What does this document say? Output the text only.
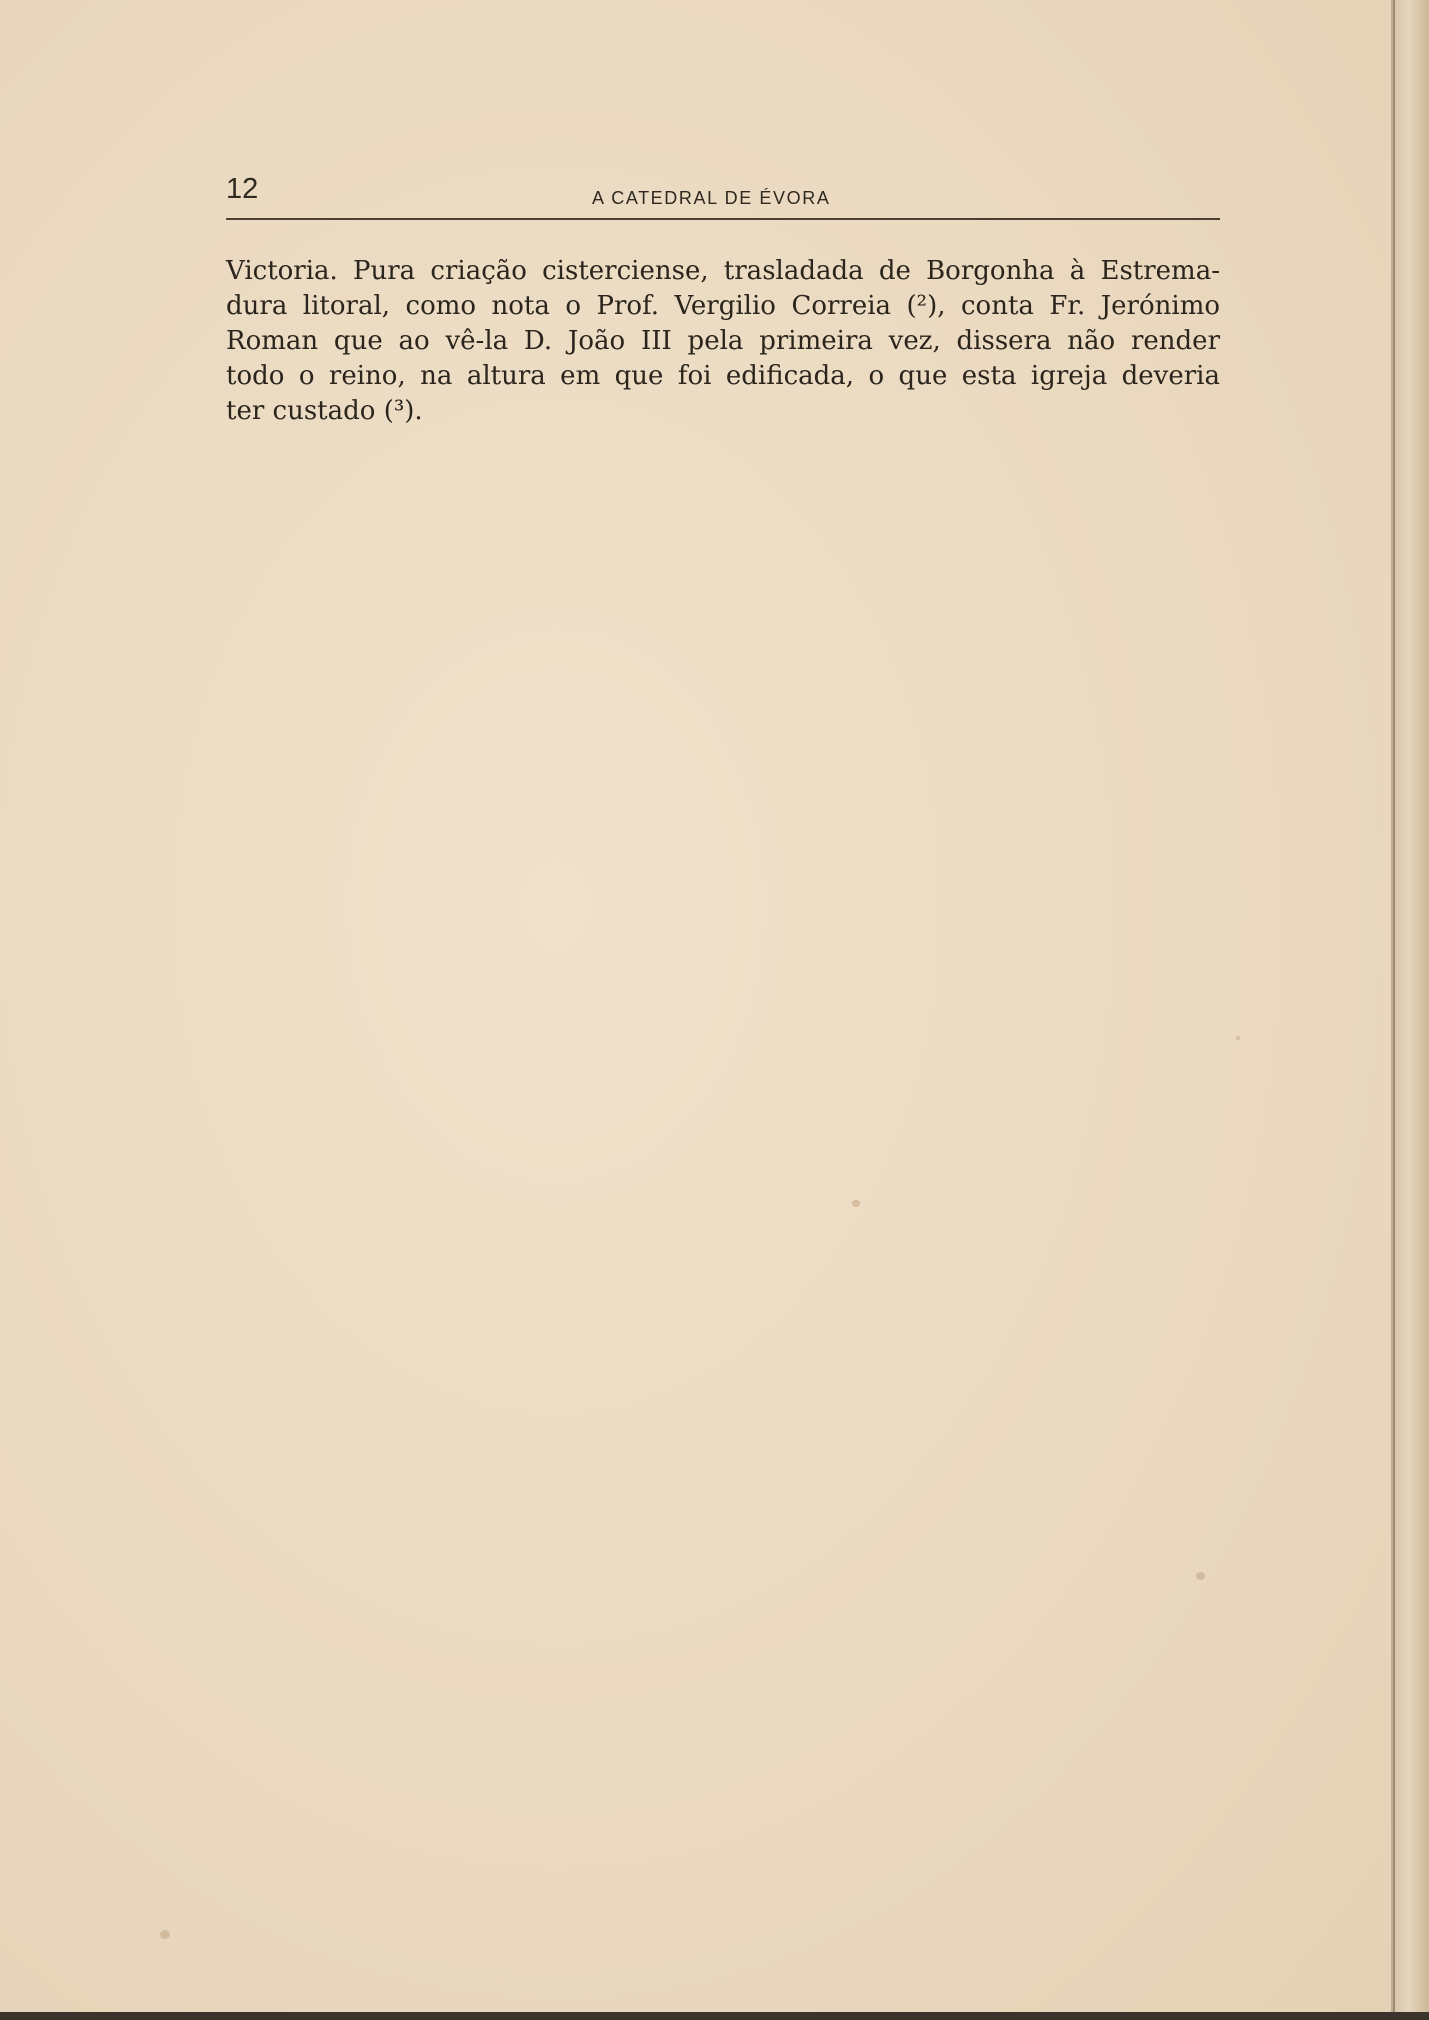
12	A CATEDRAL DE ÉVORA
Victoria. Pura criação cisterciense, trasladada de Borgonha à Estrema-
dura litoral, como nota o Prof. Vergilio Correia (²), conta Fr. Jerónimo
Roman que ao vê-la D. João III pela primeira vez, dissera não render
todo o reino, na altura em que foi edificada, o que esta igreja deveria
ter custado (³).
